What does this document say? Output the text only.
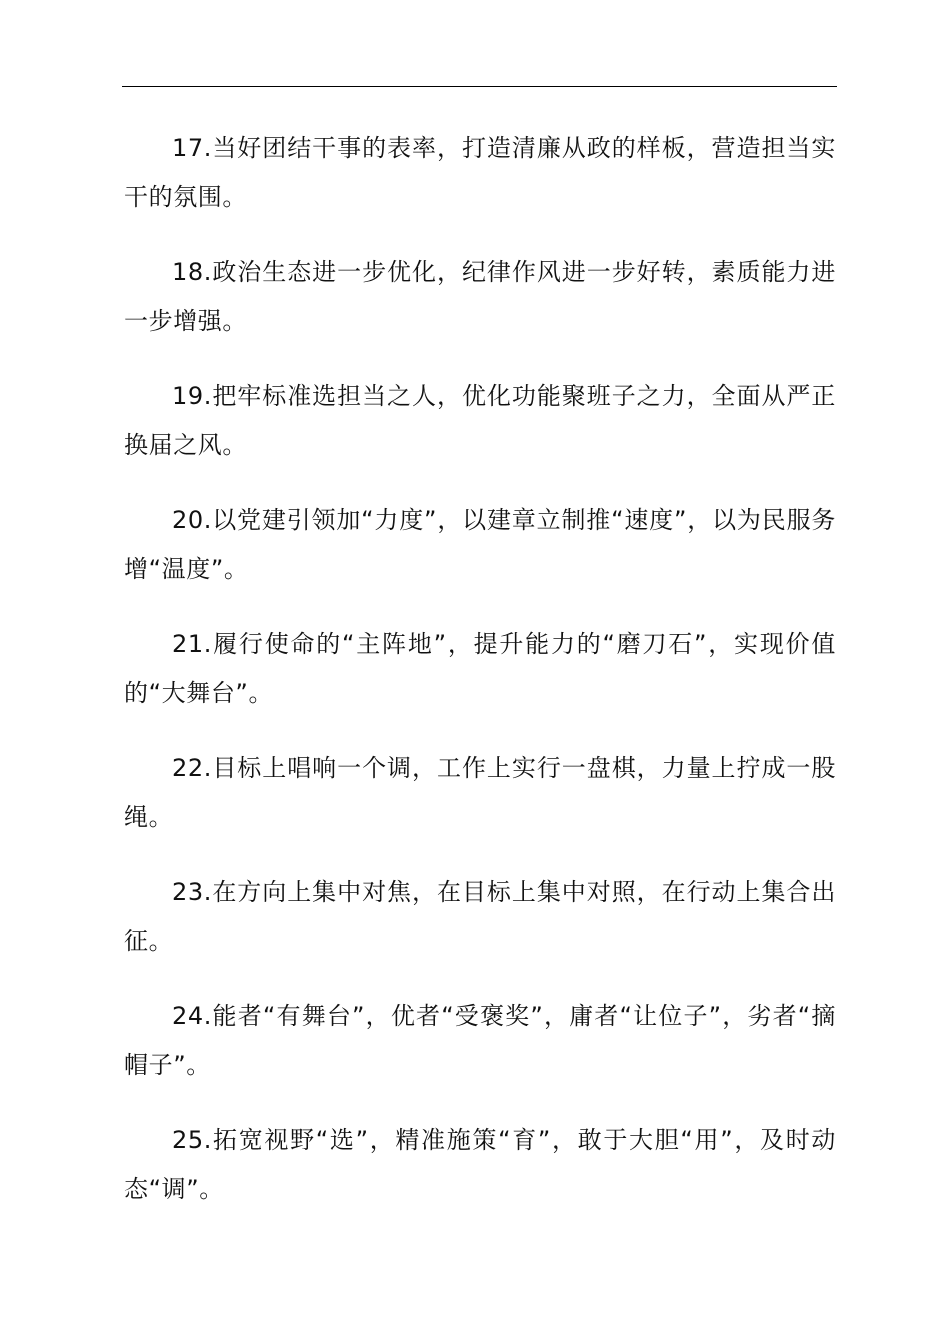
17.当好团结干事的表率，打造清廉从政的样板，营造担当实干的氛围。

18.政治生态进一步优化，纪律作风进一步好转，素质能力进一步增强。

19.把牢标准选担当之人，优化功能聚班子之力，全面从严正换届之风。

20.以党建引领加“力度”，以建章立制推“速度”，以为民服务增“温度”。

21.履行使命的“主阵地”，提升能力的“磨刀石”，实现价值的“大舞台”。

22.目标上唱响一个调，工作上实行一盘棋，力量上拧成一股绳。

23.在方向上集中对焦，在目标上集中对照，在行动上集合出征。

24.能者“有舞台”，优者“受褒奖”，庸者“让位子”，劣者“摘帽子”。

25.拓宽视野“选”，精准施策“育”，敢于大胆“用”，及时动态“调”。
